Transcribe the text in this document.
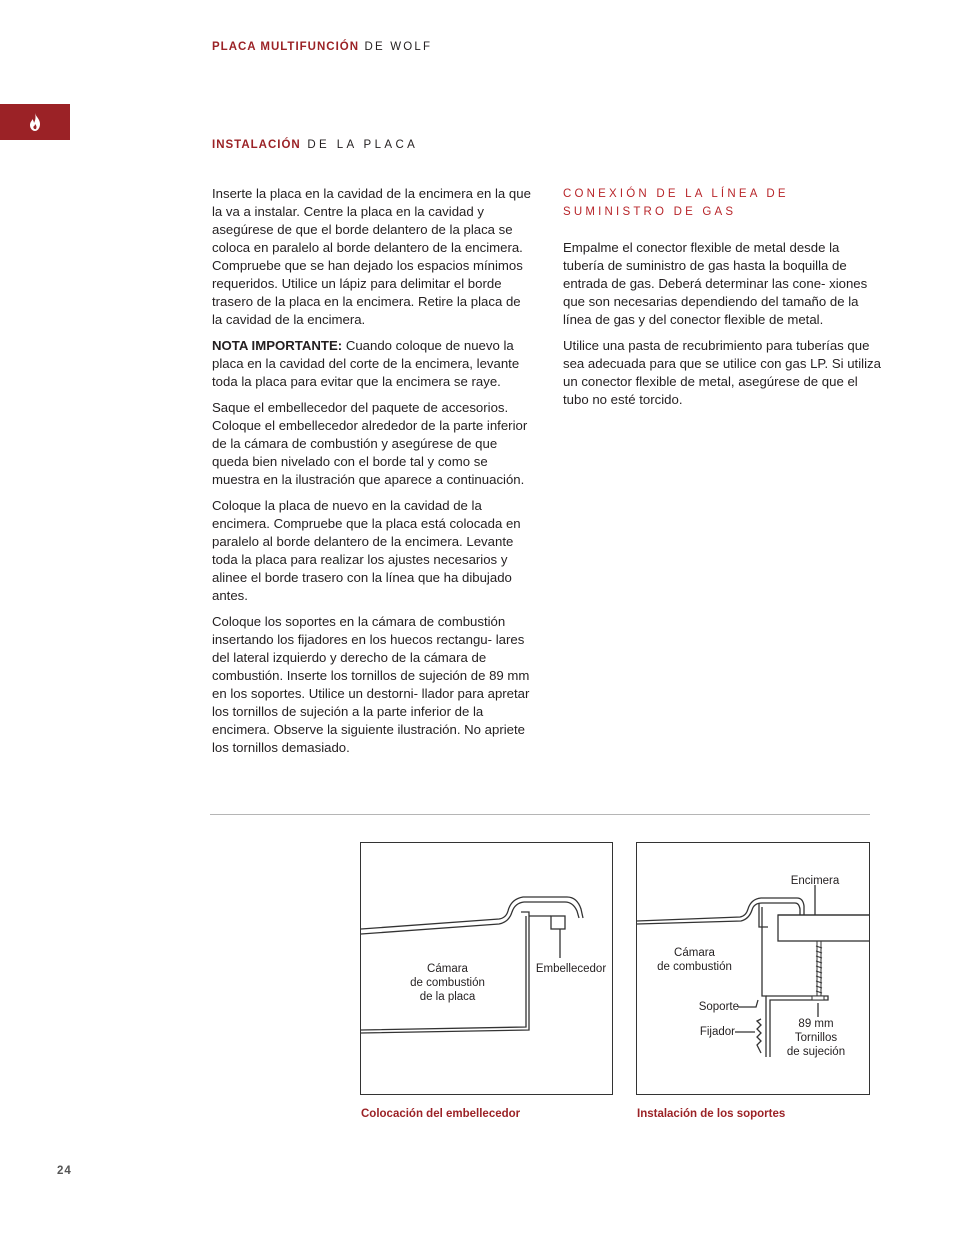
PLACA MULTIFUNCIÓN DE WOLF
INSTALACIÓN DE LA PLACA

Inserte la placa en la cavidad de la encimera en la que la va a instalar. Centre la placa en la cavidad y asegúrese de que el borde delantero de la placa se coloca en paralelo al borde delantero de la encimera. Compruebe que se han dejado los espacios mínimos requeridos. Utilice un lápiz para delimitar el borde trasero de la placa en la encimera. Retire la placa de la cavidad de la encimera.

NOTA IMPORTANTE: Cuando coloque de nuevo la placa en la cavidad del corte de la encimera, levante toda la placa para evitar que la encimera se raye.

Saque el embellecedor del paquete de accesorios. Coloque el embellecedor alrededor de la parte inferior de la cámara de combustión y asegúrese de que queda bien nivelado con el borde tal y como se muestra en la ilustración que aparece a continuación.

Coloque la placa de nuevo en la cavidad de la encimera. Compruebe que la placa está colocada en paralelo al borde delantero de la encimera. Levante toda la placa para realizar los ajustes necesarios y alinee el borde trasero con la línea que ha dibujado antes.

Coloque los soportes en la cámara de combustión insertando los fijadores en los huecos rectangu- lares del lateral izquierdo y derecho de la cámara de combustión. Inserte los tornillos de sujeción de 89 mm en los soportes. Utilice un destorni- llador para apretar los tornillos de sujeción a la parte inferior de la encimera. Observe la siguiente ilustración. No apriete los tornillos demasiado.

CONEXIÓN DE LA LÍNEA DE SUMINISTRO DE GAS

Empalme el conector flexible de metal desde la tubería de suministro de gas hasta la boquilla de entrada de gas. Deberá determinar las cone- xiones que son necesarias dependiendo del tamaño de la línea de gas y del conector flexible de metal.

Utilice una pasta de recubrimiento para tuberías que sea adecuada para que se utilice con gas LP. Si utiliza un conector flexible de metal, asegúrese de que el tubo no esté torcido.

Cámara
de combustión
de la placa
Embellecedor
Colocación del embellecedor
Encimera
Cámara
de combustión
Soporte
Fijador
89 mm
Tornillos
de sujeción
Instalación de los soportes
24
